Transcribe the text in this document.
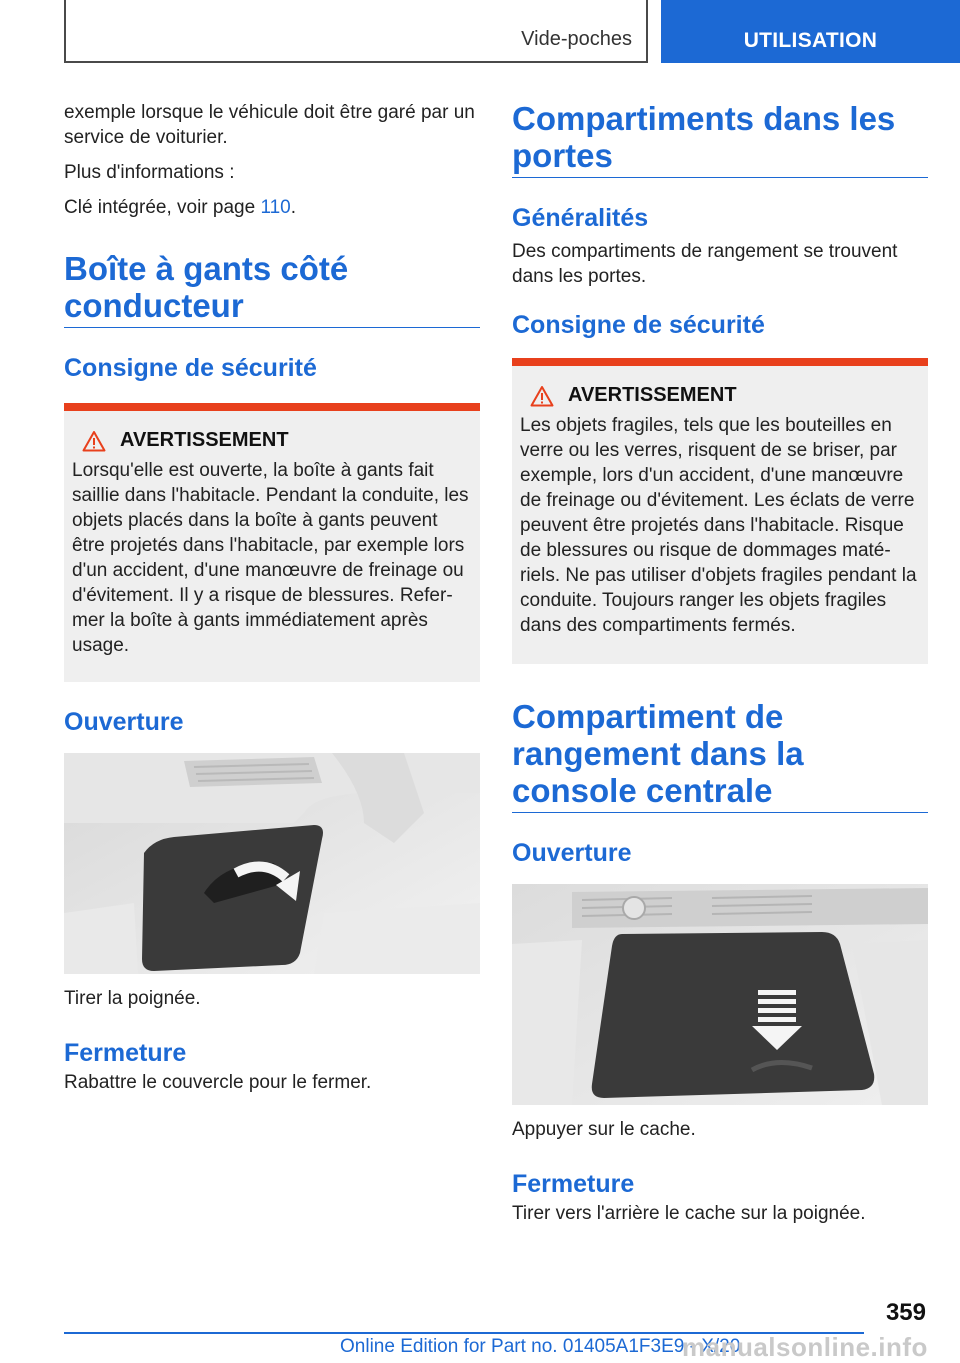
Vide-poches	UTILISATION

exemple lorsque le véhicule doit être garé par un service de voiturier.

Plus d'informations :

Clé intégrée, voir page 110.

Boîte à gants côté conducteur
Consigne de sécurité
AVERTISSEMENT

Lorsqu'elle est ouverte, la boîte à gants fait saillie dans l'habitacle. Pendant la conduite, les objets placés dans la boîte à gants peuvent être projetés dans l'habitacle, par exemple lors d'un accident, d'une manœuvre de freinage ou d'évitement. Il y a risque de blessures. Refermer la boîte à gants immédiatement après usage.

Ouverture

Tirer la poignée.

Fermeture

Rabattre le couvercle pour le fermer.

Compartiments dans les portes
Généralités

Des compartiments de rangement se trouvent dans les portes.

Consigne de sécurité
AVERTISSEMENT

Les objets fragiles, tels que les bouteilles en verre ou les verres, risquent de se briser, par exemple, lors d'un accident, d'une manœuvre de freinage ou d'évitement. Les éclats de verre peuvent être projetés dans l'habitacle. Risque de blessures ou risque de dommages matériels. Ne pas utiliser d'objets fragiles pendant la conduite. Toujours ranger les objets fragiles dans des compartiments fermés.

Compartiment de rangement dans la console centrale
Ouverture

Appuyer sur le cache.

Fermeture

Tirer vers l'arrière le cache sur la poignée.

359
Online Edition for Part no. 01405A1F3E9 - X/20
manualsonline.info
